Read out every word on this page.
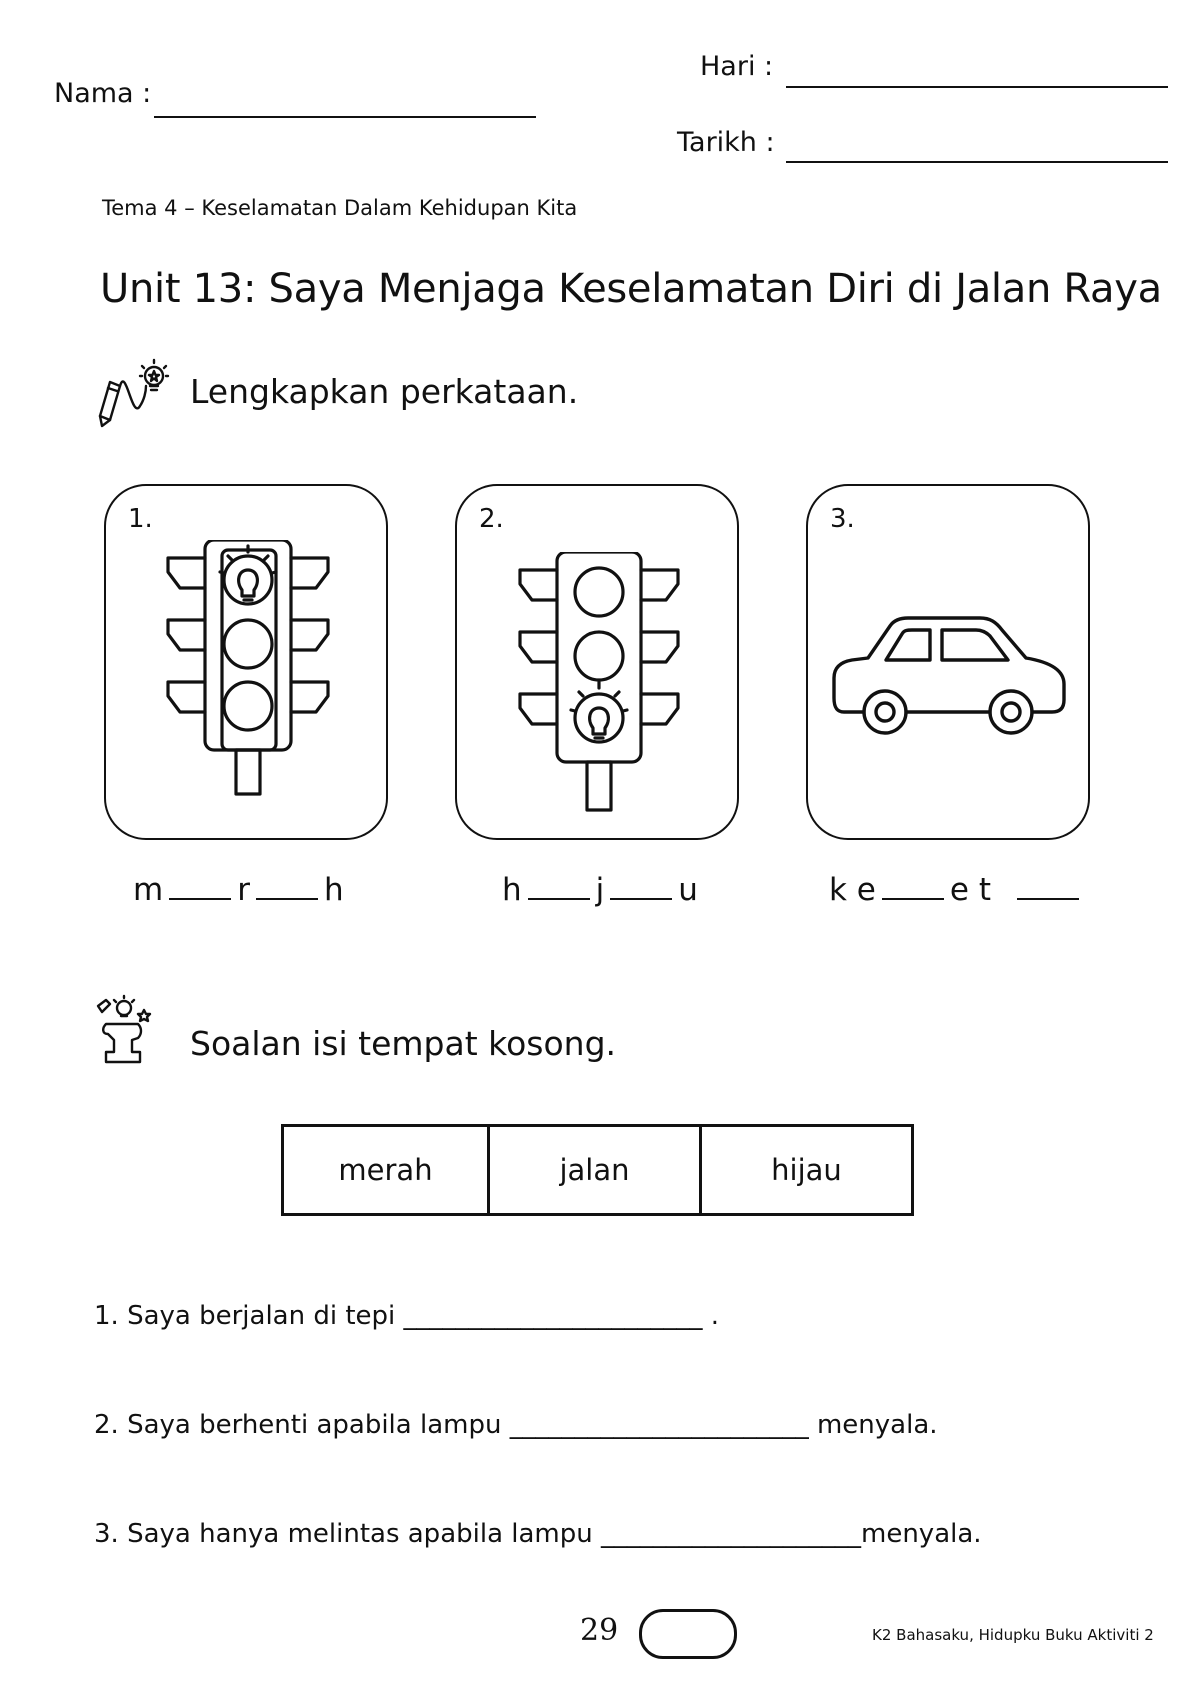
Nama :
Hari :
Tarikh :
Tema 4 – Keselamatan Dalam Kehidupan Kita
Unit 13: Saya Menjaga Keselamatan Diri di Jalan Raya
Lengkapkan perkataan.
1.	2.	3.
m r h	h j u	k e e t
Soalan isi tempat kosong.
merah	jalan	hijau
1. Saya berjalan di tepi _______________________ .
2. Saya berhenti apabila lampu _______________________ menyala.
3. Saya hanya melintas apabila lampu ____________________menyala.
29	K2 Bahasaku, Hidupku Buku Aktiviti 2
